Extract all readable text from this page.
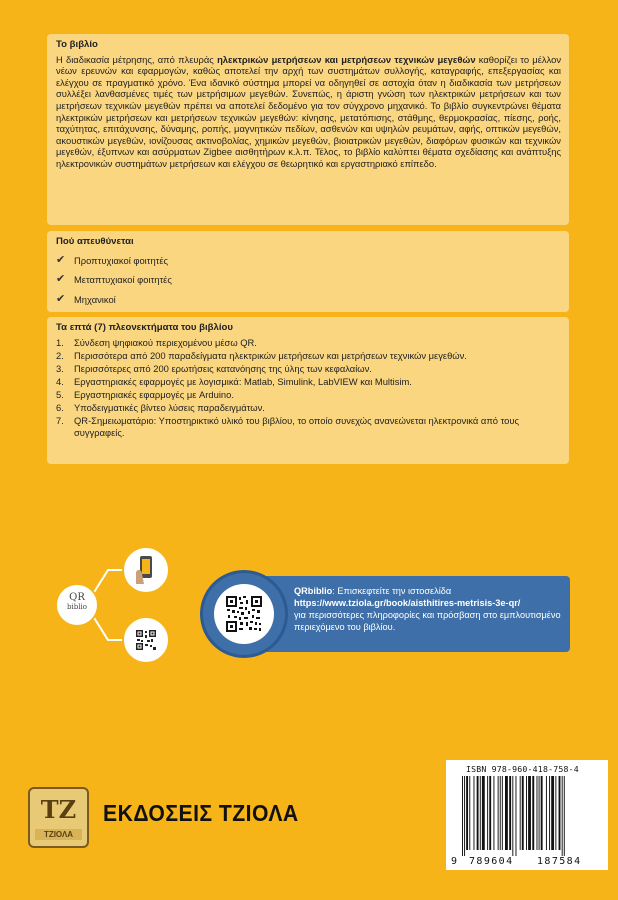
Το βιβλίο
Η διαδικασία μέτρησης, από πλευράς ηλεκτρικών μετρήσεων και μετρήσεων τεχνικών μεγεθών καθορίζει το μέλλον νέων ερευνών και εφαρμογών, καθώς αποτελεί την αρχή των συστημάτων συλλογής, καταγραφής, επεξεργασίας και ελέγχου σε πραγματικό χρόνο. Ένα ιδανικό σύστημα μπορεί να οδηγηθεί σε αστοχία όταν η διαδικασία των μετρήσεων συλλέξει λανθασμένες τιμές των μετρήσιμων μεγεθών. Συνεπώς, η άριστη γνώση των ηλεκτρικών μετρήσεων και των μετρήσεων τεχνικών μεγεθών πρέπει να αποτελεί δεδομένο για τον σύγχρονο μηχανικό. Το βιβλίο συγκεντρώνει θέματα ηλεκτρικών μετρήσεων και μετρήσεων τεχνικών μεγεθών: κίνησης, μετατόπισης, στάθμης, θερμοκρασίας, πίεσης, ροής, ταχύτητας, επιτάχυνσης, δύναμης, ροπής, μαγνητικών πεδίων, ασθενών και υψηλών ρευμάτων, αφής, οπτικών μεγεθών, ακουστικών μεγεθών, ιονίζουσας ακτινοβολίας, χημικών μεγεθών, βιοιατρικών μεγεθών, διαφόρων φυσικών και τεχνικών μεγεθών, έξυπνων και ασύρματων Zigbee αισθητήρων κ.λ.π. Τέλος, το βιβλίο καλύπτει θέματα σχεδίασης και ανάπτυξης ηλεκτρονικών συστημάτων μετρήσεων και ελέγχου σε θεωρητικό και εργαστηριακό επίπεδο.
Πού απευθύνεται
✔ Προπτυχιακοί φοιτητές
✔ Μεταπτυχιακοί φοιτητές
✔ Μηχανικοί
Τα επτά (7) πλεονεκτήματα του βιβλίου
1.	Σύνδεση ψηφιακού περιεχομένου μέσω QR.
2.	Περισσότερα από 200 παραδείγματα ηλεκτρικών μετρήσεων και μετρήσεων τεχνικών μεγεθών.
3.	Περισσότερες από 200 ερωτήσεις κατανόησης της ύλης των κεφαλαίων.
4.	Εργαστηριακές εφαρμογές με λογισμικά: Matlab, Simulink, LabVIEW και Multisim.
5.	Εργαστηριακές εφαρμογές με Arduino.
6.	Υποδειγματικές βίντεο λύσεις παραδειγμάτων.
7.	QR-Σημειωματάριο: Υποστηρικτικό υλικό του βιβλίου, το οποίο συνεχώς ανανεώνεται ηλεκτρονικά από τους συγγραφείς.
QR
biblio
QRbiblio: Επισκεφτείτε την ιστοσελίδα
https://www.tziola.gr/book/aisthitires-metrisis-3e-qr/
για περισσότερες πληροφορίες και πρόσβαση στο εμπλουτισμένο περιεχόμενο του βιβλίου.
ΤΖ
ΤΖΙΟΛΑ
ΕΚΔΟΣΕΙΣ ΤΖΙΟΛΑ
ISBN 978-960-418-758-4
9 789604 187584
